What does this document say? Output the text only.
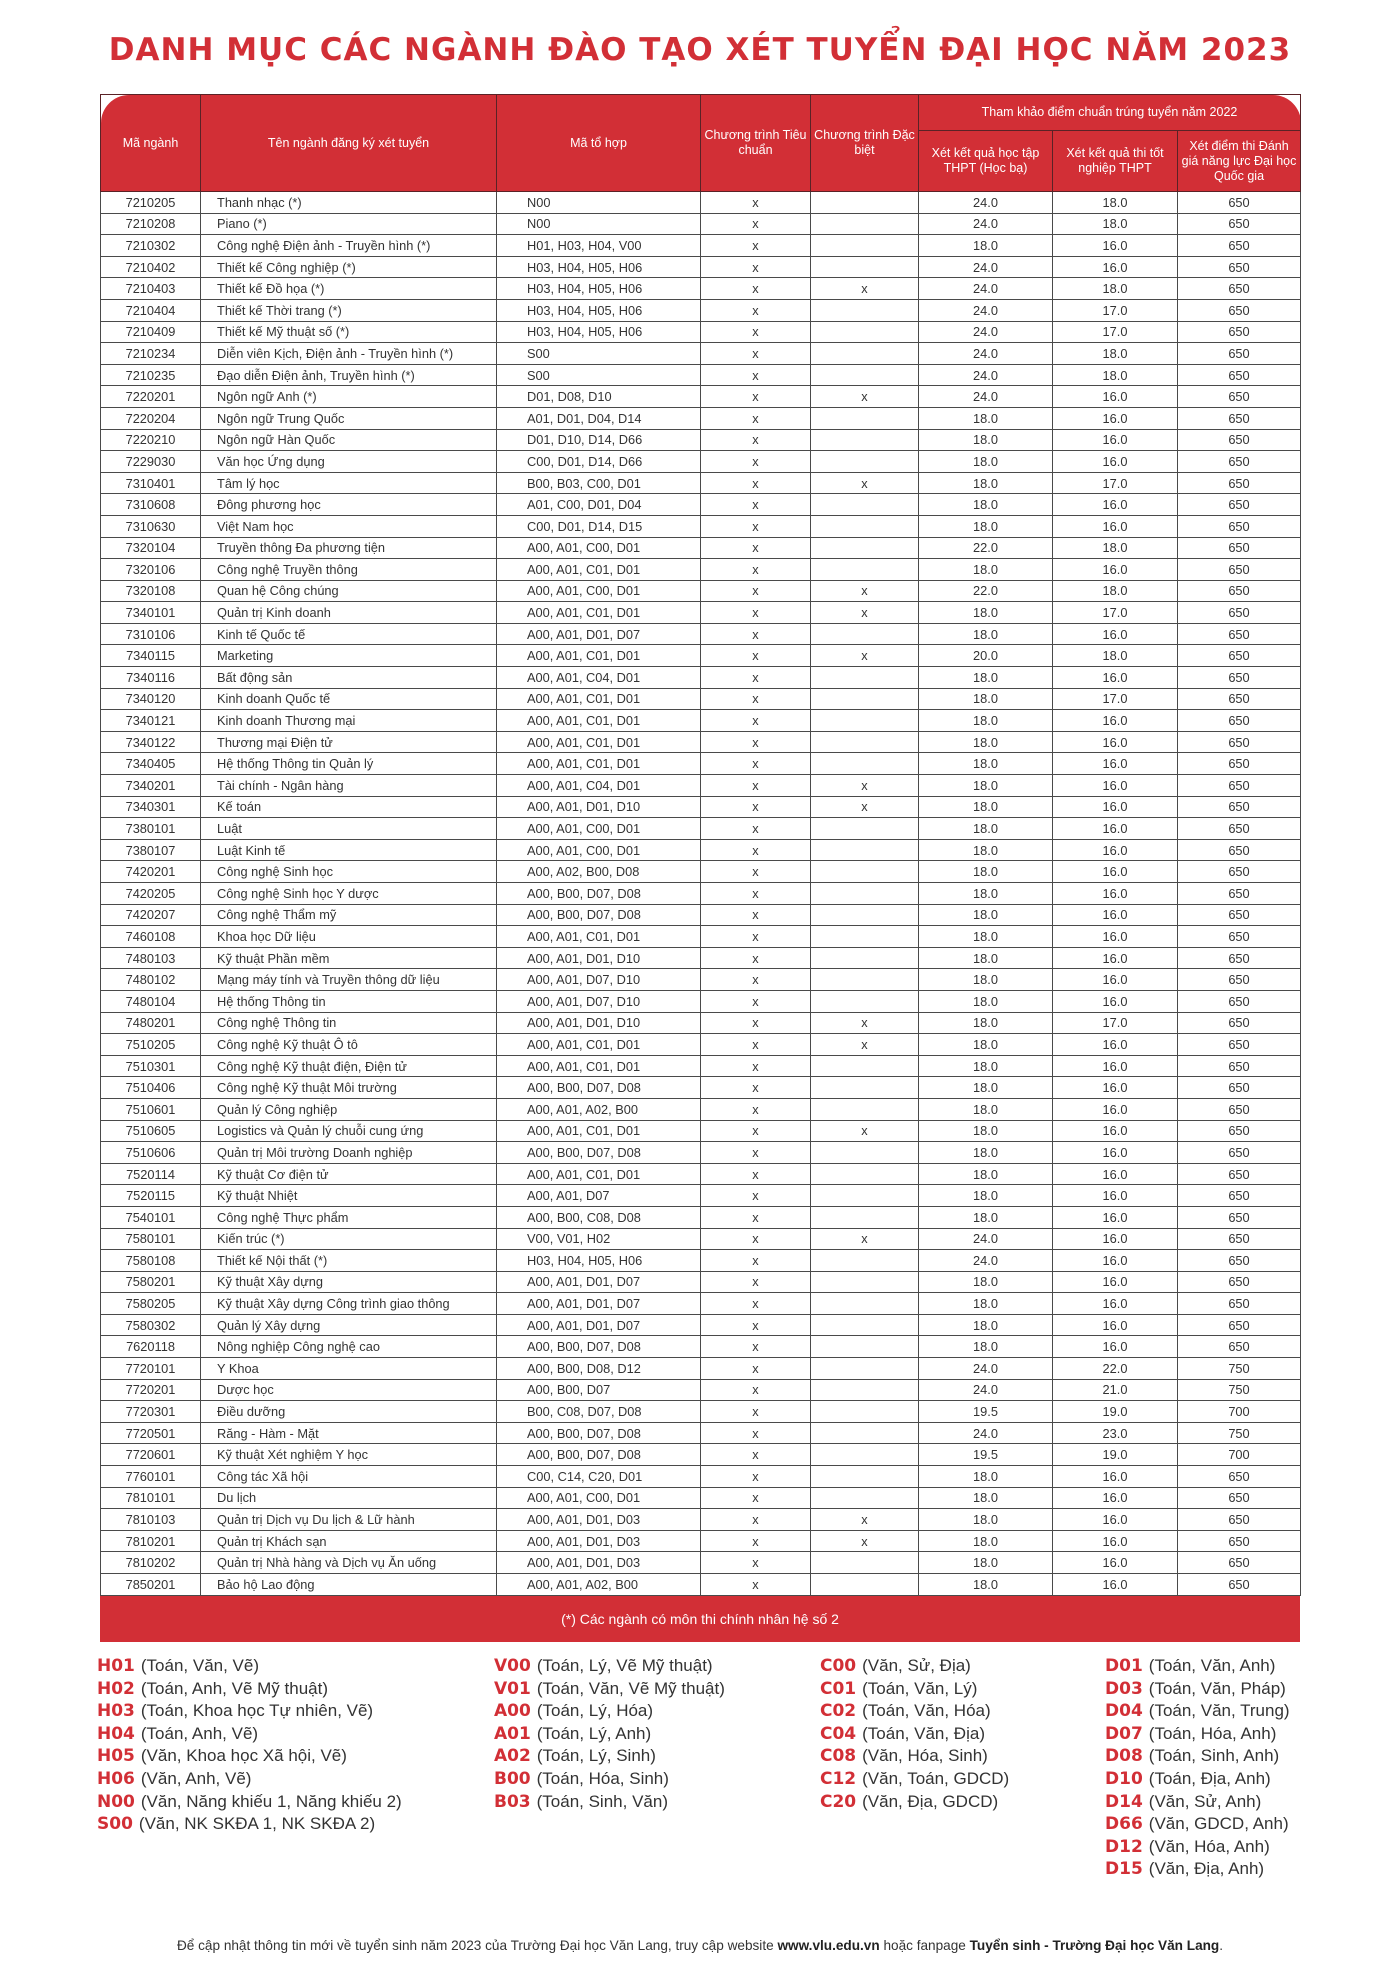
DANH MỤC CÁC NGÀNH ĐÀO TẠO XÉT TUYỂN ĐẠI HỌC NĂM 2023
Mã ngành	Tên ngành đăng ký xét tuyển	Mã tổ hợp	Chương trình Tiêu chuẩn	Chương trình Đặc biệt	Tham khảo điểm chuẩn trúng tuyển năm 2022		
					Xét kết quả học tập THPT (Học bạ)	Xét kết quả thi tốt nghiệp THPT	Xét điểm thi Đánh giá năng lực Đại học Quốc gia
7210205	Thanh nhạc (*)	N00	x		24.0	18.0	650
7210208	Piano (*)	N00	x		24.0	18.0	650
7210302	Công nghệ Điện ảnh - Truyền hình (*)	H01, H03, H04, V00	x		18.0	16.0	650
7210402	Thiết kế Công nghiệp (*)	H03, H04, H05, H06	x		24.0	16.0	650
7210403	Thiết kế Đồ họa (*)	H03, H04, H05, H06	x	x	24.0	18.0	650
7210404	Thiết kế Thời trang (*)	H03, H04, H05, H06	x		24.0	17.0	650
7210409	Thiết kế Mỹ thuật số (*)	H03, H04, H05, H06	x		24.0	17.0	650
7210234	Diễn viên Kịch, Điện ảnh - Truyền hình (*)	S00	x		24.0	18.0	650
7210235	Đạo diễn Điện ảnh, Truyền hình (*)	S00	x		24.0	18.0	650
7220201	Ngôn ngữ Anh (*)	D01, D08, D10	x	x	24.0	16.0	650
7220204	Ngôn ngữ Trung Quốc	A01, D01, D04, D14	x		18.0	16.0	650
7220210	Ngôn ngữ Hàn Quốc	D01, D10, D14, D66	x		18.0	16.0	650
7229030	Văn học Ứng dụng	C00, D01, D14, D66	x		18.0	16.0	650
7310401	Tâm lý học	B00, B03, C00, D01	x	x	18.0	17.0	650
7310608	Đông phương học	A01, C00, D01, D04	x		18.0	16.0	650
7310630	Việt Nam học	C00, D01, D14, D15	x		18.0	16.0	650
7320104	Truyền thông Đa phương tiện	A00, A01, C00, D01	x		22.0	18.0	650
7320106	Công nghệ Truyền thông	A00, A01, C01, D01	x		18.0	16.0	650
7320108	Quan hệ Công chúng	A00, A01, C00, D01	x	x	22.0	18.0	650
7340101	Quản trị Kinh doanh	A00, A01, C01, D01	x	x	18.0	17.0	650
7310106	Kinh tế Quốc tế	A00, A01, D01, D07	x		18.0	16.0	650
7340115	Marketing	A00, A01, C01, D01	x	x	20.0	18.0	650
7340116	Bất động sản	A00, A01, C04, D01	x		18.0	16.0	650
7340120	Kinh doanh Quốc tế	A00, A01, C01, D01	x		18.0	17.0	650
7340121	Kinh doanh Thương mại	A00, A01, C01, D01	x		18.0	16.0	650
7340122	Thương mại Điện tử	A00, A01, C01, D01	x		18.0	16.0	650
7340405	Hệ thống Thông tin Quản lý	A00, A01, C01, D01	x		18.0	16.0	650
7340201	Tài chính - Ngân hàng	A00, A01, C04, D01	x	x	18.0	16.0	650
7340301	Kế toán	A00, A01, D01, D10	x	x	18.0	16.0	650
7380101	Luật	A00, A01, C00, D01	x		18.0	16.0	650
7380107	Luật Kinh tế	A00, A01, C00, D01	x		18.0	16.0	650
7420201	Công nghệ Sinh học	A00, A02, B00, D08	x		18.0	16.0	650
7420205	Công nghệ Sinh học Y dược	A00, B00, D07, D08	x		18.0	16.0	650
7420207	Công nghệ Thẩm mỹ	A00, B00, D07, D08	x		18.0	16.0	650
7460108	Khoa học Dữ liệu	A00, A01, C01, D01	x		18.0	16.0	650
7480103	Kỹ thuật Phần mềm	A00, A01, D01, D10	x		18.0	16.0	650
7480102	Mạng máy tính và Truyền thông dữ liệu	A00, A01, D07, D10	x		18.0	16.0	650
7480104	Hệ thống Thông tin	A00, A01, D07, D10	x		18.0	16.0	650
7480201	Công nghệ Thông tin	A00, A01, D01, D10	x	x	18.0	17.0	650
7510205	Công nghệ Kỹ thuật Ô tô	A00, A01, C01, D01	x	x	18.0	16.0	650
7510301	Công nghệ Kỹ thuật điện, Điện tử	A00, A01, C01, D01	x		18.0	16.0	650
7510406	Công nghệ Kỹ thuật Môi trường	A00, B00, D07, D08	x		18.0	16.0	650
7510601	Quản lý Công nghiệp	A00, A01, A02, B00	x		18.0	16.0	650
7510605	Logistics và Quản lý chuỗi cung ứng	A00, A01, C01, D01	x	x	18.0	16.0	650
7510606	Quản trị Môi trường Doanh nghiệp	A00, B00, D07, D08	x		18.0	16.0	650
7520114	Kỹ thuật Cơ điện tử	A00, A01, C01, D01	x		18.0	16.0	650
7520115	Kỹ thuật Nhiệt	A00, A01, D07	x		18.0	16.0	650
7540101	Công nghệ Thực phẩm	A00, B00, C08, D08	x		18.0	16.0	650
7580101	Kiến trúc (*)	V00, V01, H02	x	x	24.0	16.0	650
7580108	Thiết kế Nội thất (*)	H03, H04, H05, H06	x		24.0	16.0	650
7580201	Kỹ thuật Xây dựng	A00, A01, D01, D07	x		18.0	16.0	650
7580205	Kỹ thuật Xây dựng Công trình giao thông	A00, A01, D01, D07	x		18.0	16.0	650
7580302	Quản lý Xây dựng	A00, A01, D01, D07	x		18.0	16.0	650
7620118	Nông nghiệp Công nghệ cao	A00, B00, D07, D08	x		18.0	16.0	650
7720101	Y Khoa	A00, B00, D08, D12	x		24.0	22.0	750
7720201	Dược học	A00, B00, D07	x		24.0	21.0	750
7720301	Điều dưỡng	B00, C08, D07, D08	x		19.5	19.0	700
7720501	Răng - Hàm - Mặt	A00, B00, D07, D08	x		24.0	23.0	750
7720601	Kỹ thuật Xét nghiệm Y học	A00, B00, D07, D08	x		19.5	19.0	700
7760101	Công tác Xã hội	C00, C14, C20, D01	x		18.0	16.0	650
7810101	Du lịch	A00, A01, C00, D01	x		18.0	16.0	650
7810103	Quản trị Dịch vụ Du lịch & Lữ hành	A00, A01, D01, D03	x	x	18.0	16.0	650
7810201	Quản trị Khách sạn	A00, A01, D01, D03	x	x	18.0	16.0	650
7810202	Quản trị Nhà hàng và Dịch vụ Ăn uống	A00, A01, D01, D03	x		18.0	16.0	650
7850201	Bảo hộ Lao động	A00, A01, A02, B00	x		18.0	16.0	650
(*) Các ngành có môn thi chính nhân hệ số 2
H01 (Toán, Văn, Vẽ)
H02 (Toán, Anh, Vẽ Mỹ thuật)
H03 (Toán, Khoa học Tự nhiên, Vẽ)
H04 (Toán, Anh, Vẽ)
H05 (Văn, Khoa học Xã hội, Vẽ)
H06 (Văn, Anh, Vẽ)
N00 (Văn, Năng khiếu 1, Năng khiếu 2)
S00 (Văn, NK SKĐA 1, NK SKĐA 2)
V00 (Toán, Lý, Vẽ Mỹ thuật)
V01 (Toán, Văn, Vẽ Mỹ thuật)
A00 (Toán, Lý, Hóa)
A01 (Toán, Lý, Anh)
A02 (Toán, Lý, Sinh)
B00 (Toán, Hóa, Sinh)
B03 (Toán, Sinh, Văn)
C00 (Văn, Sử, Địa)
C01 (Toán, Văn, Lý)
C02 (Toán, Văn, Hóa)
C04 (Toán, Văn, Địa)
C08 (Văn, Hóa, Sinh)
C12 (Văn, Toán, GDCD)
C20 (Văn, Địa, GDCD)
D01 (Toán, Văn, Anh)
D03 (Toán, Văn, Pháp)
D04 (Toán, Văn, Trung)
D07 (Toán, Hóa, Anh)
D08 (Toán, Sinh, Anh)
D10 (Toán, Địa, Anh)
D14 (Văn, Sử, Anh)
D66 (Văn, GDCD, Anh)
D12 (Văn, Hóa, Anh)
D15 (Văn, Địa, Anh)
Để cập nhật thông tin mới về tuyển sinh năm 2023 của Trường Đại học Văn Lang, truy cập website www.vlu.edu.vn hoặc fanpage Tuyển sinh - Trường Đại học Văn Lang.
